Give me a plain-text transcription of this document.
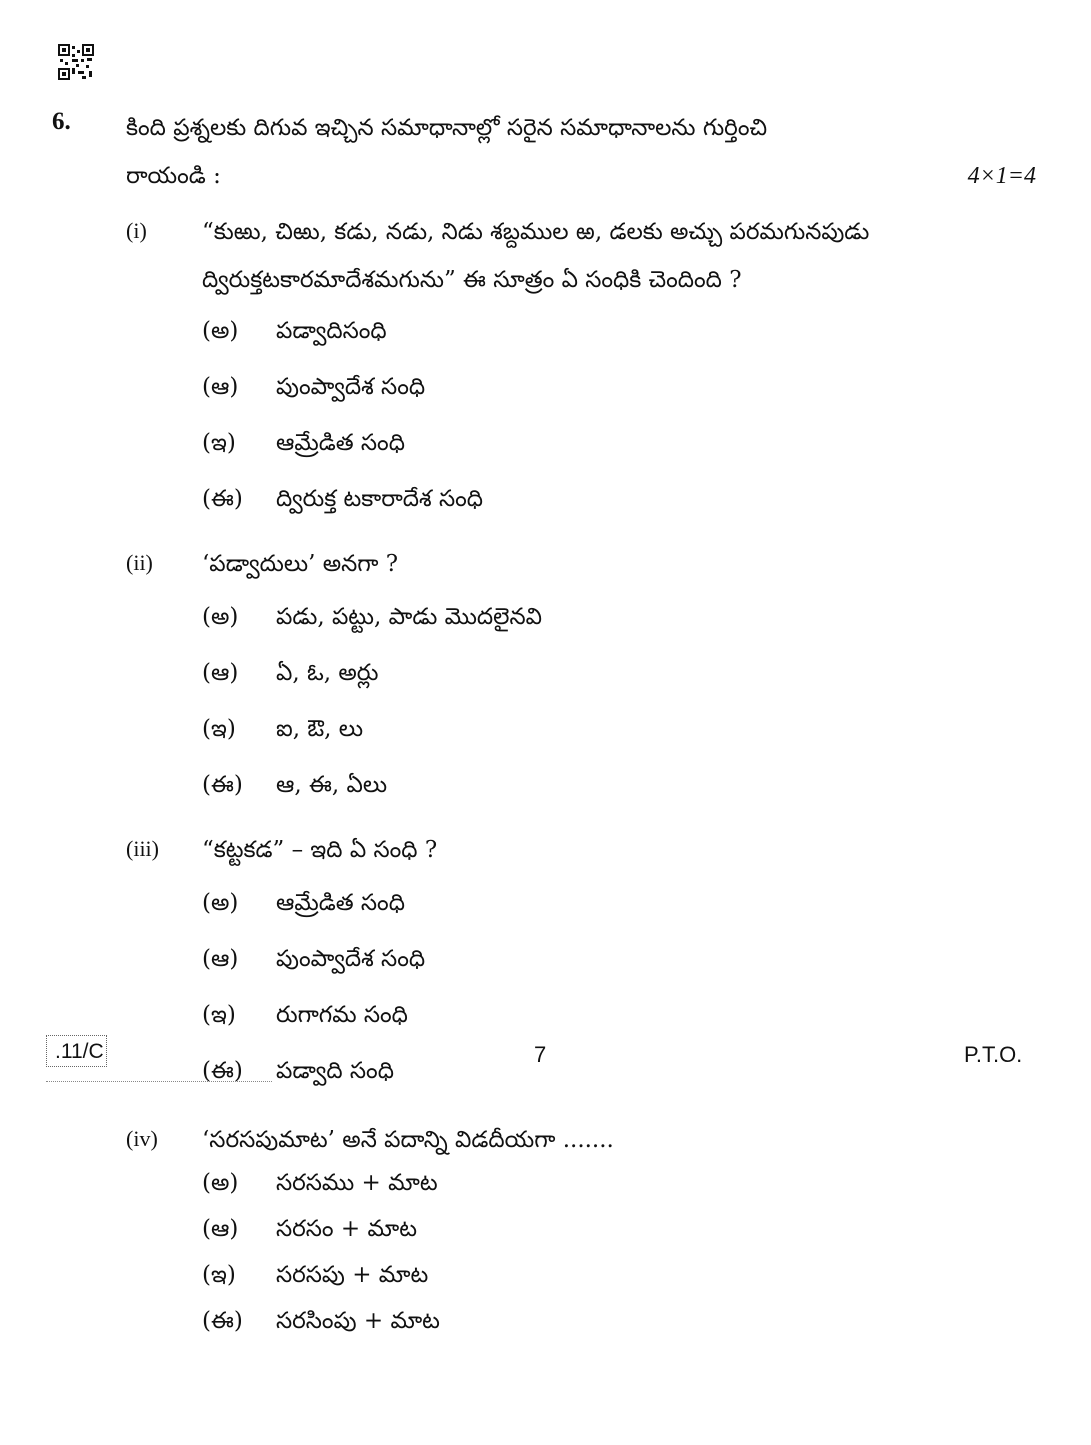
6. కింది ప్రశ్నలకు దిగువ ఇచ్చిన సమాధానాల్లో సరైన సమాధానాలను గుర్తించి
రాయండి :	4×1=4
(i) “కుఱు, చిఱు, కడు, నడు, నిడు శబ్దముల ఱ, డలకు అచ్చు పరమగునపుడు ద్విరుక్తటకారమాదేశమగును” ఈ సూత్రం ఏ సంధికి చెందింది ?
(అ) పడ్వాదిసంధి
(ఆ) పుంప్వాదేశ సంధి
(ఇ) ఆమ్రేడిత సంధి
(ఈ) ద్విరుక్త టకారాదేశ సంధి
(ii) ‘పడ్వాదులు’ అనగా ?
(అ) పడు, పట్టు, పాడు మొదలైనవి
(ఆ) ఏ, ఓ, అర్లు
(ఇ) ఐ, ఔ, లు
(ఈ) ఆ, ఈ, ఏలు
(iii) “కట్టకడ” – ఇది ఏ సంధి ?
(అ) ఆమ్రేడిత సంధి
(ఆ) పుంప్వాదేశ సంధి
(ఇ) రుగాగమ సంధి
(ఈ) పడ్వాది సంధి
(iv) ‘సరసపుమాట’ అనే పదాన్ని విడదీయగా .......
(అ) సరసము + మాట
(ఆ) సరసం + మాట
(ఇ) సరసపు + మాట
(ఈ) సరసింపు + మాట
.11/C	7	P.T.O.
